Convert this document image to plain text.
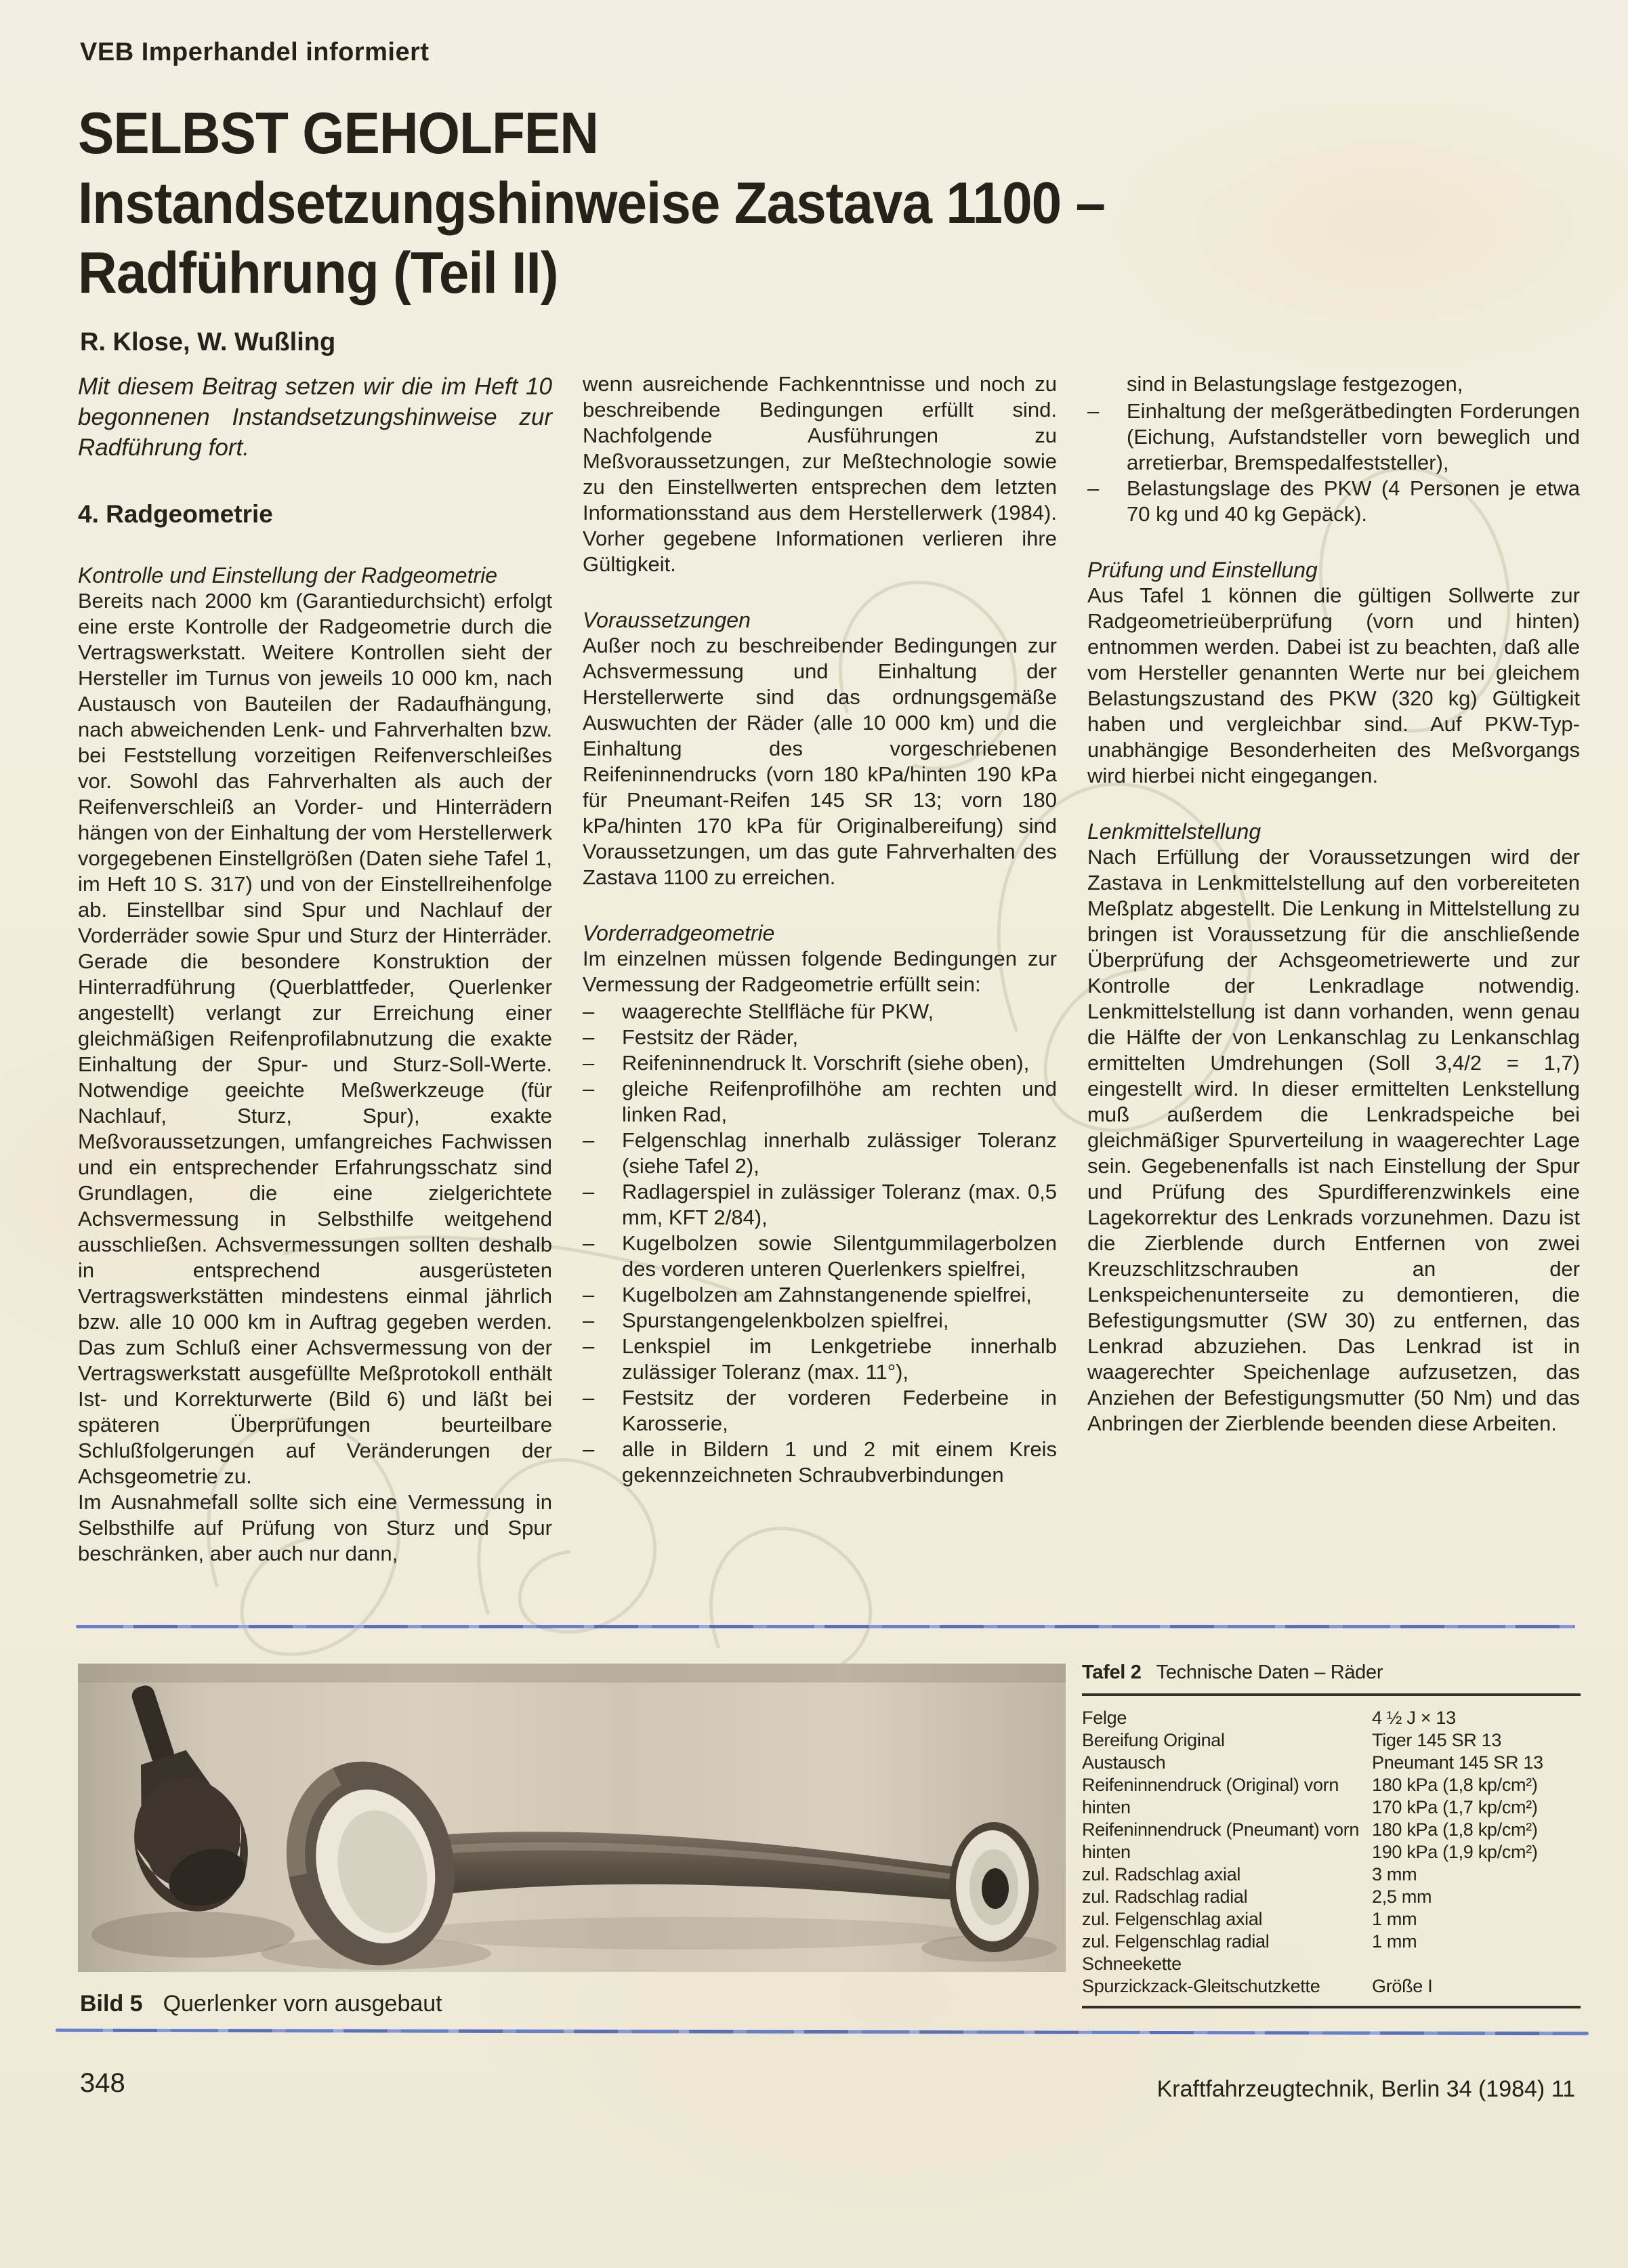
VEB Imperhandel informiert
SELBST GEHOLFEN
Instandsetzungshinweise Zastava 1100 –
Radführung (Teil II)
R. Klose, W. Wußling

Mit diesem Beitrag setzen wir die im Heft 10 begonnenen Instandsetzungshinweise zur Radführung fort.

4. Radgeometrie
Kontrolle und Einstellung der Radgeometrie

Bereits nach 2000 km (Garantiedurchsicht) erfolgt eine erste Kontrolle der Radgeometrie durch die Vertragswerkstatt. Weitere Kontrollen sieht der Hersteller im Turnus von jeweils 10 000 km, nach Austausch von Bauteilen der Radaufhängung, nach abweichenden Lenk- und Fahrverhalten bzw. bei Feststellung vorzeitigen Reifenverschleißes vor. Sowohl das Fahrverhalten als auch der Reifenverschleiß an Vorder- und Hinterrädern hängen von der Einhaltung der vom Herstellerwerk vorgegebenen Einstellgrößen (Daten siehe Tafel 1, im Heft 10 S. 317) und von der Einstellreihenfolge ab. Einstellbar sind Spur und Nachlauf der Vorderräder sowie Spur und Sturz der Hinterräder. Gerade die besondere Konstruktion der Hinterradführung (Querblattfeder, Querlenker angestellt) verlangt zur Erreichung einer gleichmäßigen Reifenprofilabnutzung die exakte Einhaltung der Spur- und Sturz-Soll-Werte. Notwendige geeichte Meßwerkzeuge (für Nachlauf, Sturz, Spur), exakte Meßvoraussetzungen, umfangreiches Fachwissen und ein entsprechender Erfahrungsschatz sind Grundlagen, die eine zielgerichtete Achsvermessung in Selbsthilfe weitgehend ausschließen. Achsvermessungen sollten deshalb in entsprechend ausgerüsteten Vertragswerkstätten mindestens einmal jährlich bzw. alle 10 000 km in Auftrag gegeben werden. Das zum Schluß einer Achsvermessung von der Vertragswerkstatt ausgefüllte Meßprotokoll enthält Ist- und Korrekturwerte (Bild 6) und läßt bei späteren Überprüfungen beurteilbare Schlußfolgerungen auf Veränderungen der Achsgeometrie zu.

Im Ausnahmefall sollte sich eine Vermessung in Selbsthilfe auf Prüfung von Sturz und Spur beschränken, aber auch nur dann,

wenn ausreichende Fachkenntnisse und noch zu beschreibende Bedingungen erfüllt sind. Nachfolgende Ausführungen zu Meßvoraussetzungen, zur Meßtechnologie sowie zu den Einstellwerten entsprechen dem letzten Informationsstand aus dem Herstellerwerk (1984). Vorher gegebene Informationen verlieren ihre Gültigkeit.

Voraussetzungen

Außer noch zu beschreibender Bedingungen zur Achsvermessung und Einhaltung der Herstellerwerte sind das ordnungsgemäße Auswuchten der Räder (alle 10 000 km) und die Einhaltung des vorgeschriebenen Reifeninnendrucks (vorn 180 kPa/hinten 190 kPa für Pneumant-Reifen 145 SR 13; vorn 180 kPa/hinten 170 kPa für Originalbereifung) sind Voraussetzungen, um das gute Fahrverhalten des Zastava 1100 zu erreichen.

Vorderradgeometrie

Im einzelnen müssen folgende Bedingungen zur Vermessung der Radgeometrie erfüllt sein:

–	waagerechte Stellfläche für PKW,
–	Festsitz der Räder,
–	Reifeninnendruck lt. Vorschrift (siehe oben),
–	gleiche Reifenprofilhöhe am rechten und linken Rad,
–	Felgenschlag innerhalb zulässiger Toleranz (siehe Tafel 2),
–	Radlagerspiel in zulässiger Toleranz (max. 0,5 mm, KFT 2/84),
–	Kugelbolzen sowie Silentgummilagerbolzen des vorderen unteren Querlenkers spielfrei,
–	Kugelbolzen am Zahnstangenende spielfrei,
–	Spurstangengelenkbolzen spielfrei,
–	Lenkspiel im Lenkgetriebe innerhalb zulässiger Toleranz (max. 11°),
–	Festsitz der vorderen Federbeine in Karosserie,
–	alle in Bildern 1 und 2 mit einem Kreis gekennzeichneten Schraubverbindungen

sind in Belastungslage festgezogen,

–	Einhaltung der meßgerätbedingten Forderungen (Eichung, Aufstandsteller vorn beweglich und arretierbar, Bremspedalfeststeller),
–	Belastungslage des PKW (4 Personen je etwa 70 kg und 40 kg Gepäck).
Prüfung und Einstellung

Aus Tafel 1 können die gültigen Sollwerte zur Radgeometrieüberprüfung (vorn und hinten) entnommen werden. Dabei ist zu beachten, daß alle vom Hersteller genannten Werte nur bei gleichem Belastungszustand des PKW (320 kg) Gültigkeit haben und vergleichbar sind. Auf PKW-Typ-unabhängige Besonderheiten des Meßvorgangs wird hierbei nicht eingegangen.

Lenkmittelstellung

Nach Erfüllung der Voraussetzungen wird der Zastava in Lenkmittelstellung auf den vorbereiteten Meßplatz abgestellt. Die Lenkung in Mittelstellung zu bringen ist Voraussetzung für die anschließende Überprüfung der Achsgeometriewerte und zur Kontrolle der Lenkradlage notwendig. Lenkmittelstellung ist dann vorhanden, wenn genau die Hälfte der von Lenkanschlag zu Lenkanschlag ermittelten Umdrehungen (Soll 3,4/2 = 1,7) eingestellt wird. In dieser ermittelten Lenkstellung muß außerdem die Lenkradspeiche bei gleichmäßiger Spurverteilung in waagerechter Lage sein. Gegebenenfalls ist nach Einstellung der Spur und Prüfung des Spurdifferenzwinkels eine Lagekorrektur des Lenkrads vorzunehmen. Dazu ist die Zierblende durch Entfernen von zwei Kreuzschlitzschrauben an der Lenkspeichenunterseite zu demontieren, die Befestigungsmutter (SW 30) zu entfernen, das Lenkrad abzuziehen. Das Lenkrad ist in waagerechter Speichenlage aufzusetzen, das Anziehen der Befestigungsmutter (50 Nm) und das Anbringen der Zierblende beenden diese Arbeiten.

Bild 5 Querlenker vorn ausgebaut
Tafel 2 Technische Daten – Räder
Felge	4 ½ J × 13
Bereifung Original	Tiger 145 SR 13
Austausch	Pneumant 145 SR 13
Reifeninnendruck (Original) vorn	180 kPa (1,8 kp/cm²)
hinten	170 kPa (1,7 kp/cm²)
Reifeninnendruck (Pneumant) vorn 180 kPa (1,8 kp/cm²)
hinten	190 kPa (1,9 kp/cm²)
zul. Radschlag axial	3 mm
zul. Radschlag radial	2,5 mm
zul. Felgenschlag axial	1 mm
zul. Felgenschlag radial	1 mm
Schneekette
Spurzickzack-Gleitschutzkette	Größe I
348	Kraftfahrzeugtechnik, Berlin 34 (1984) 11
